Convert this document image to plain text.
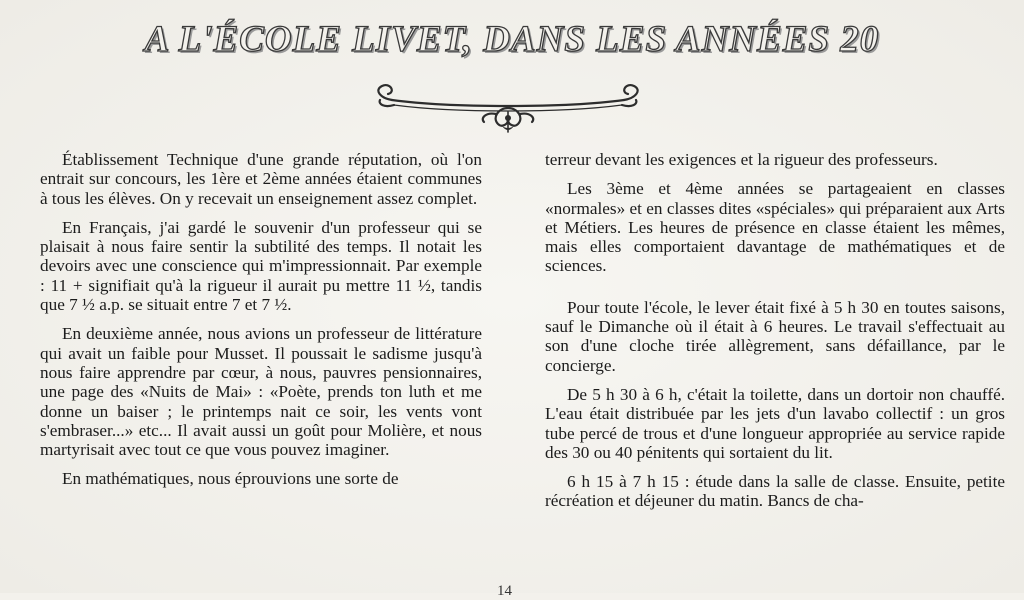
A L'ÉCOLE LIVET, DANS LES ANNÉES 20

Établissement Technique d'une grande réputation, où l'on entrait sur concours, les 1ère et 2ème années étaient communes à tous les élèves. On y recevait un enseignement assez complet.

En Français, j'ai gardé le souvenir d'un professeur qui se plaisait à nous faire sentir la subtilité des temps. Il notait les devoirs avec une conscience qui m'impressionnait. Par exemple : 11 + signifiait qu'à la rigueur il aurait pu mettre 11 ½, tandis que 7 ½ a.p. se situait entre 7 et 7 ½.

En deuxième année, nous avions un professeur de littérature qui avait un faible pour Musset. Il poussait le sadisme jusqu'à nous faire apprendre par cœur, à nous, pauvres pensionnaires, une page des «Nuits de Mai» : «Poète, prends ton luth et me donne un baiser ; le printemps nait ce soir, les vents vont s'embraser...» etc... Il avait aussi un goût pour Molière, et nous martyrisait avec tout ce que vous pouvez imaginer.

En mathématiques, nous éprouvions une sorte de

terreur devant les exigences et la rigueur des professeurs.

Les 3ème et 4ème années se partageaient en classes «normales» et en classes dites «spéciales» qui préparaient aux Arts et Métiers. Les heures de présence en classe étaient les mêmes, mais elles comportaient davantage de mathématiques et de sciences.

Pour toute l'école, le lever était fixé à 5 h 30 en toutes saisons, sauf le Dimanche où il était à 6 heures. Le travail s'effectuait au son d'une cloche tirée allègrement, sans défaillance, par le concierge.

De 5 h 30 à 6 h, c'était la toilette, dans un dortoir non chauffé. L'eau était distribuée par les jets d'un lavabo collectif : un gros tube percé de trous et d'une longueur appropriée au service rapide des 30 ou 40 pénitents qui sortaient du lit.

6 h 15 à 7 h 15 : étude dans la salle de classe. Ensuite, petite récréation et déjeuner du matin. Bancs de cha-

14
